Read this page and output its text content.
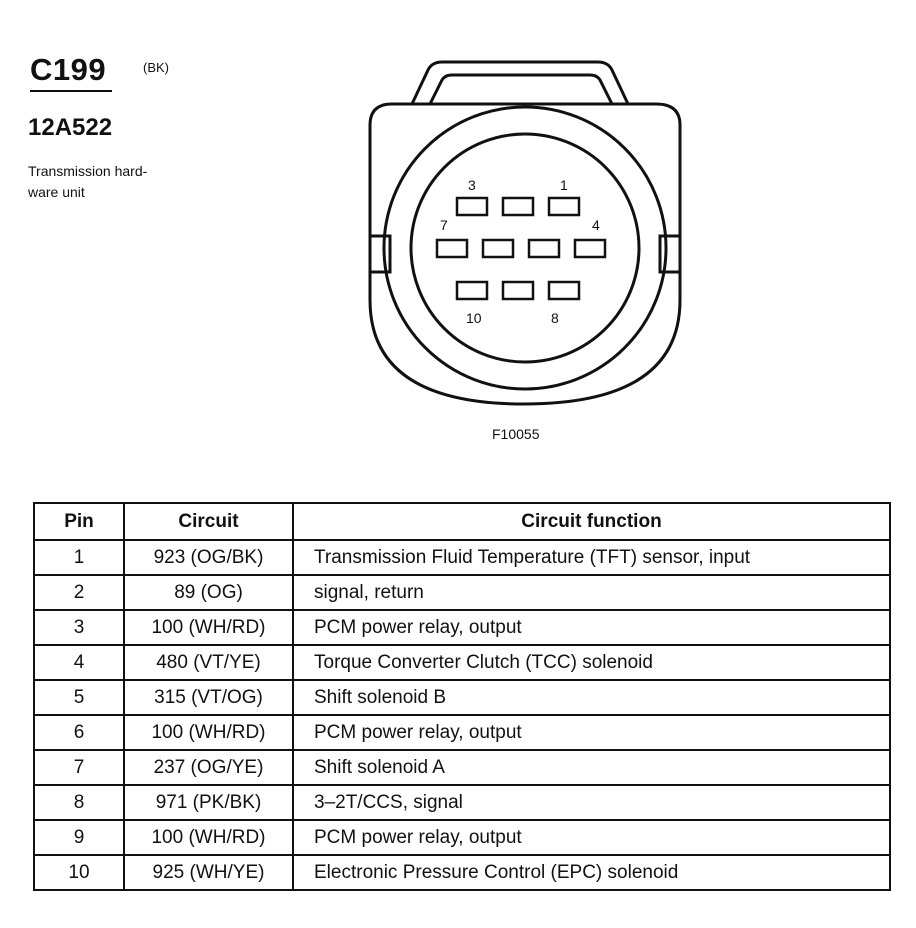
C199	(BK)
12A522
Transmission hard-
ware unit	3	1
7	4
10	8
F10055
Pin	Circuit	Circuit function
1	923 (OG/BK)	Transmission Fluid Temperature (TFT) sensor, input
2	89 (OG)	signal, return
3	100 (WH/RD)	PCM power relay, output
4	480 (VT/YE)	Torque Converter Clutch (TCC) solenoid
5	315 (VT/OG)	Shift solenoid B
6	100 (WH/RD)	PCM power relay, output
7	237 (OG/YE)	Shift solenoid A
8	971 (PK/BK)	3–2T/CCS, signal
9	100 (WH/RD)	PCM power relay, output
10	925 (WH/YE)	Electronic Pressure Control (EPC) solenoid
